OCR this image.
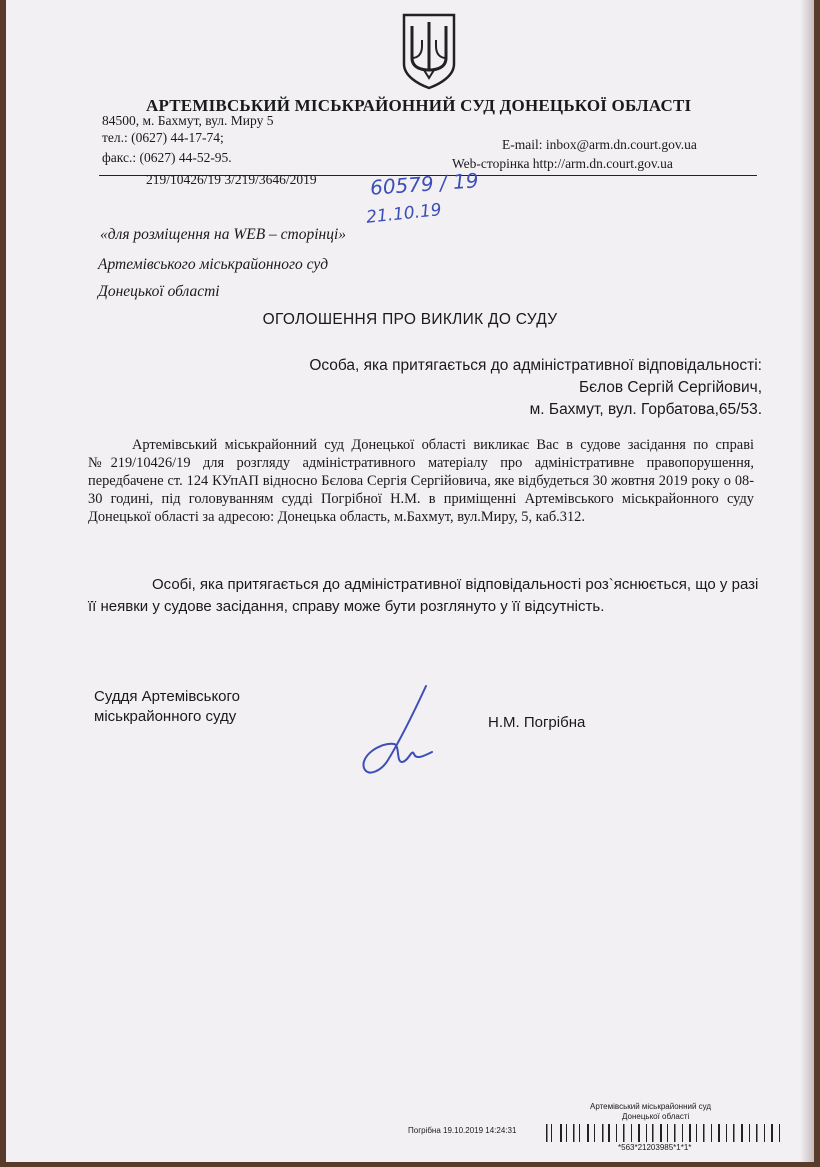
АРТЕМІВСЬКИЙ МІСЬКРАЙОННИЙ СУД ДОНЕЦЬКОЇ ОБЛАСТІ
84500, м. Бахмут, вул. Миру 5
тел.: (0627) 44-17-74;
факс.: (0627) 44-52-95.
E-mail: inbox@arm.dn.court.gov.ua
Web-сторінка http://arm.dn.court.gov.ua
219/10426/19 3/219/3646/2019	60579 / 19
21.10.19
«для розміщення на WEB – сторінці»
Артемівського міськрайонного суд
Донецької області
ОГОЛОШЕННЯ ПРО ВИКЛИК ДО СУДУ
Особа, яка притягається до адміністративної відповідальності:
Бєлов Сергій Сергійович,
м. Бахмут, вул. Горбатова,65/53.
Артемівський міськрайонний суд Донецької області викликає Вас в судове засідання по справі №219/10426/19 для розгляду адміністративного матеріалу про адміністративне правопорушення, передбачене ст. 124 КУпАП відносно Бєлова Сергія Сергійовича, яке відбудеться 30 жовтня 2019 року о 08-30 годині, під головуванням судді Погрібної Н.М. в приміщенні Артемівського міськрайонного суду Донецької області за адресою: Донецька область, м.Бахмут, вул.Миру, 5, каб.312.
Особі, яка притягається до адміністративної відповідальності роз`яснюється, що у разі її неявки у судове засідання, справу може бути розглянуто у її відсутність.
Суддя Артемівського
міськрайонного суду	Н.М. Погрібна
Артемівський міськрайонний суд
Донецької області
Погрібна 19.10.2019 14:24:31
*563*21203985*1*1*
